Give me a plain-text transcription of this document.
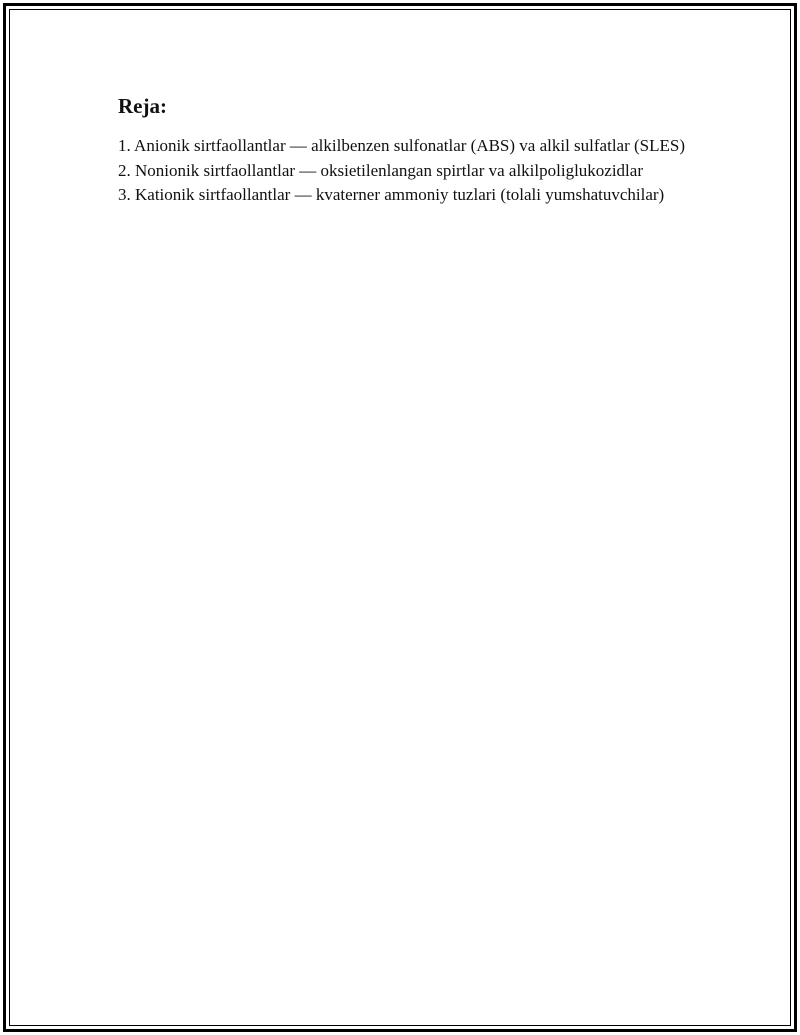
Reja:
1. Anionik sirtfaollantlar — alkilbenzen sulfonatlar (ABS) va alkil sulfatlar (SLES)
2. Nonionik sirtfaollantlar — oksietilenlangan spirtlar va alkilpoliglukozidlar
3. Kationik sirtfaollantlar — kvaterner ammoniy tuzlari (tolali yumshatuvchilar)
